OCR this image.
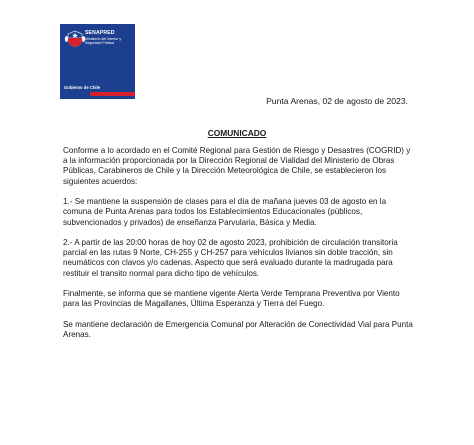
SENAPRED
Ministerio del Interior y Seguridad Pública
Gobierno de Chile
Punta Arenas, 02 de agosto de 2023.
COMUNICADO

Conforme a lo acordado en el Comité Regional para Gestión de Riesgo y Desastres (COGRID) y a la información proporcionada por la Dirección Regional de Vialidad del Ministerio de Obras Públicas, Carabineros de Chile y la Dirección Meteorológica de Chile, se establecieron los siguientes acuerdos:

1.- Se mantiene la suspensión de clases para el día de mañana jueves 03 de agosto en la comuna de Punta Arenas para todos los Establecimientos Educacionales (públicos, subvencionados y privados) de enseñanza Parvularia, Básica y Media.

2.- A partir de las 20:00 horas de hoy 02 de agosto 2023, prohibición de circulación transitoria parcial en las rutas 9 Norte, CH-255 y CH-257 para vehículos livianos sin doble tracción, sin neumáticos con clavos y/o cadenas. Aspecto que será evaluado durante la madrugada para restituir el transito normal para dicho tipo de vehículos.

Finalmente, se informa que se mantiene vigente Alerta Verde Temprana Preventiva por Viento para las Provincias de Magallanes, Última Esperanza y Tierra del Fuego.

Se mantiene declaración de Emergencia Comunal por Alteración de Conectividad Vial para Punta Arenas.
